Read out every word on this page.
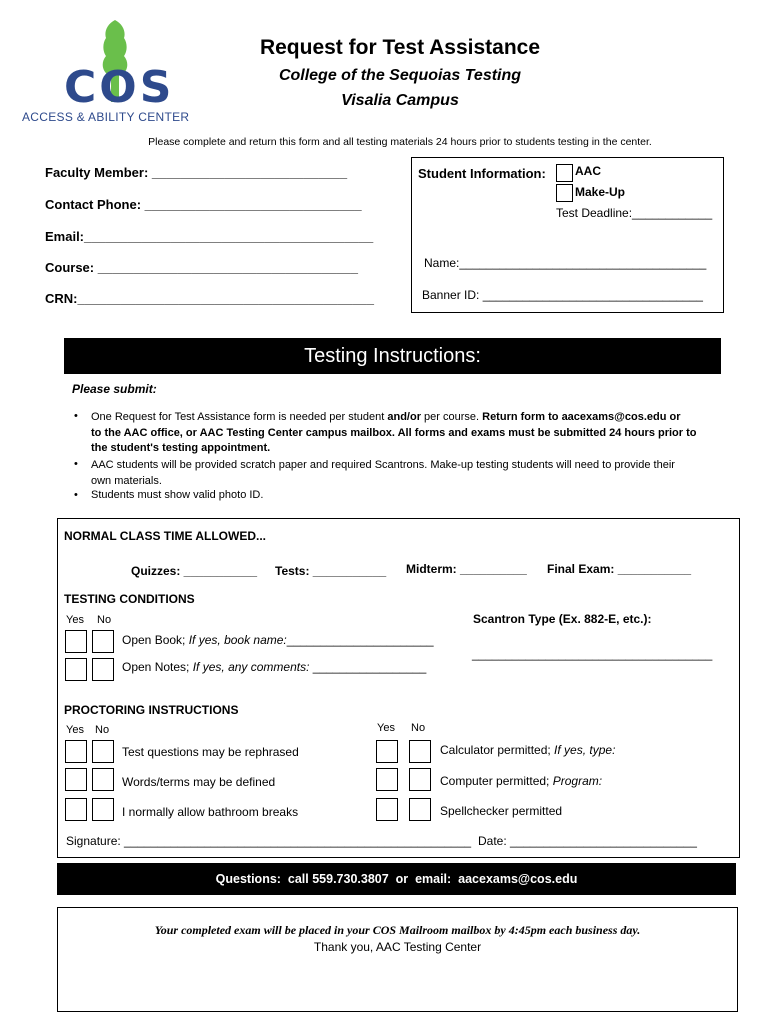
COS
ACCESS & ABILITY CENTER
Request for Test Assistance
College of the Sequoias Testing
Visalia Campus
Please complete and return this form and all testing materials 24 hours prior to students testing in the center.
Faculty Member: ___________________________
Contact Phone: ______________________________
Email:________________________________________
Course: ____________________________________
CRN:_________________________________________
Student Information: AAC
Make-Up
Test Deadline:____________
Name:_____________________________________
Banner ID: _________________________________
Testing Instructions:
Please submit:
• One Request for Test Assistance form is needed per student and/or per course. Return form to aacexams@cos.edu or
to the AAC office, or AAC Testing Center campus mailbox. All forms and exams must be submitted 24 hours prior to
the student's testing appointment.
• AAC students will be provided scratch paper and required Scantrons. Make-up testing students will need to provide their
own materials.
• Students must show valid photo ID.
NORMAL CLASS TIME ALLOWED...
Quizzes: ___________ Tests: ___________ Midterm: __________ Final Exam: ___________
TESTING CONDITIONS
Yes No
Open Book; If yes, book name:______________________
Open Notes; If yes, any comments: _________________
Scantron Type (Ex. 882-E, etc.):
____________________________________
PROCTORING INSTRUCTIONS
Yes No	Yes No
Test questions may be rephrased
Words/terms may be defined
I normally allow bathroom breaks
Calculator permitted; If yes, type:
Computer permitted; Program:
Spellchecker permitted
Signature: ____________________________________________________ Date: ____________________________
Questions:  call 559.730.3807  or  email:  aacexams@cos.edu
Your completed exam will be placed in your COS Mailroom mailbox by 4:45pm each business day.
Thank you, AAC Testing Center
